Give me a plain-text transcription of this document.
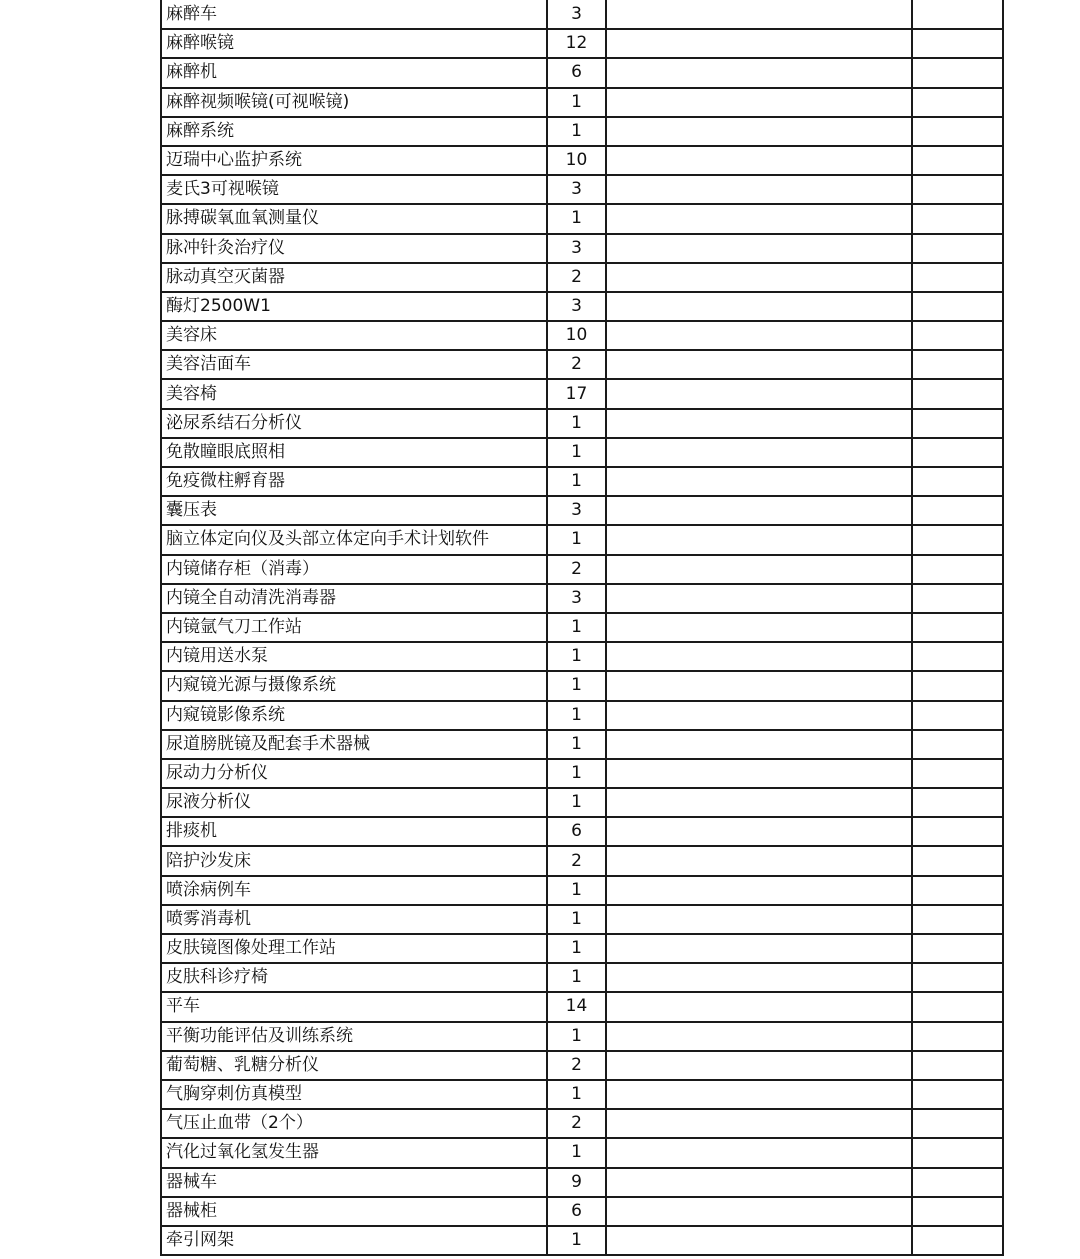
麻醉车	3		
麻醉喉镜	12		
麻醉机	6		
麻醉视频喉镜(可视喉镜)	1		
麻醉系统	1		
迈瑞中心监护系统	10		
麦氏3可视喉镜	3		
脉搏碳氧血氧测量仪	1		
脉冲针灸治疗仪	3		
脉动真空灭菌器	2		
酶灯2500W1	3		
美容床	10		
美容洁面车	2		
美容椅	17		
泌尿系结石分析仪	1		
免散瞳眼底照相	1		
免疫微柱孵育器	1		
囊压表	3		
脑立体定向仪及头部立体定向手术计划软件	1		
内镜储存柜（消毒）	2		
内镜全自动清洗消毒器	3		
内镜氩气刀工作站	1		
内镜用送水泵	1		
内窥镜光源与摄像系统	1		
内窥镜影像系统	1		
尿道膀胱镜及配套手术器械	1		
尿动力分析仪	1		
尿液分析仪	1		
排痰机	6		
陪护沙发床	2		
喷涂病例车	1		
喷雾消毒机	1		
皮肤镜图像处理工作站	1		
皮肤科诊疗椅	1		
平车	14		
平衡功能评估及训练系统	1		
葡萄糖、乳糖分析仪	2		
气胸穿刺仿真模型	1		
气压止血带（2个）	2		
汽化过氧化氢发生器	1		
器械车	9		
器械柜	6		
牵引网架	1		
